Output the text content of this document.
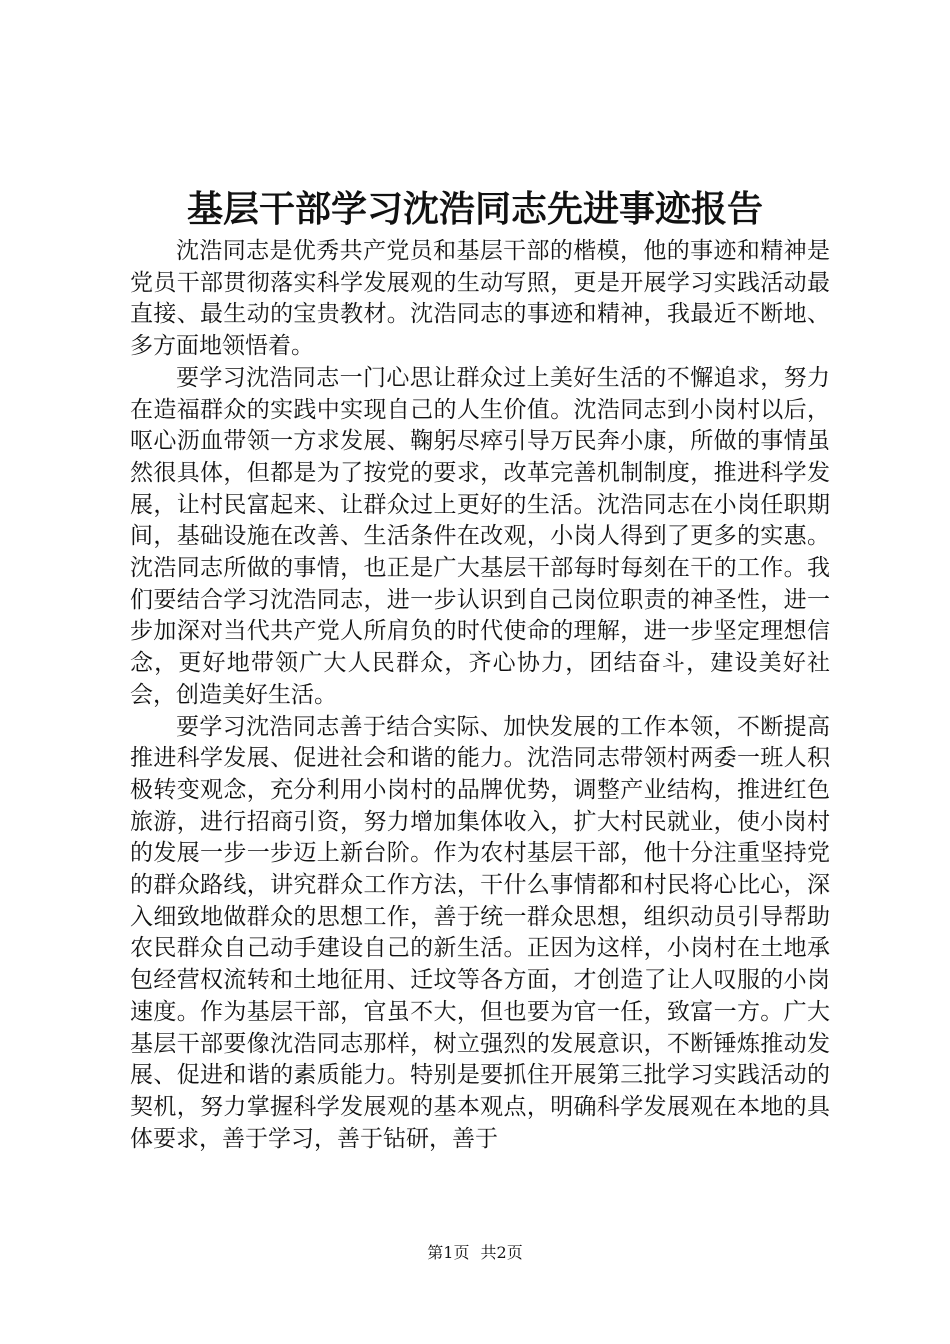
基层干部学习沈浩同志先进事迹报告

沈浩同志是优秀共产党员和基层干部的楷模，他的事迹和精神是党员干部贯彻落实科学发展观的生动写照，更是开展学习实践活动最直接、最生动的宝贵教材。沈浩同志的事迹和精神，我最近不断地、多方面地领悟着。

要学习沈浩同志一门心思让群众过上美好生活的不懈追求，努力在造福群众的实践中实现自己的人生价值。沈浩同志到小岗村以后，呕心沥血带领一方求发展、鞠躬尽瘁引导万民奔小康，所做的事情虽然很具体，但都是为了按党的要求，改革完善机制制度，推进科学发展，让村民富起来、让群众过上更好的生活。沈浩同志在小岗任职期间，基础设施在改善、生活条件在改观，小岗人得到了更多的实惠。沈浩同志所做的事情，也正是广大基层干部每时每刻在干的工作。我们要结合学习沈浩同志，进一步认识到自己岗位职责的神圣性，进一步加深对当代共产党人所肩负的时代使命的理解，进一步坚定理想信念，更好地带领广大人民群众，齐心协力，团结奋斗，建设美好社会，创造美好生活。

要学习沈浩同志善于结合实际、加快发展的工作本领，不断提高推进科学发展、促进社会和谐的能力。沈浩同志带领村两委一班人积极转变观念，充分利用小岗村的品牌优势，调整产业结构，推进红色旅游，进行招商引资，努力增加集体收入，扩大村民就业，使小岗村的发展一步一步迈上新台阶。作为农村基层干部，他十分注重坚持党的群众路线，讲究群众工作方法，干什么事情都和村民将心比心，深入细致地做群众的思想工作，善于统一群众思想，组织动员引导帮助农民群众自己动手建设自己的新生活。正因为这样，小岗村在土地承包经营权流转和土地征用、迁坟等各方面，才创造了让人叹服的小岗速度。作为基层干部，官虽不大，但也要为官一任，致富一方。广大基层干部要像沈浩同志那样，树立强烈的发展意识，不断锤炼推动发展、促进和谐的素质能力。特别是要抓住开展第三批学习实践活动的契机，努力掌握科学发展观的基本观点，明确科学发展观在本地的具体要求，善于学习，善于钻研，善于

第1页 共2页
